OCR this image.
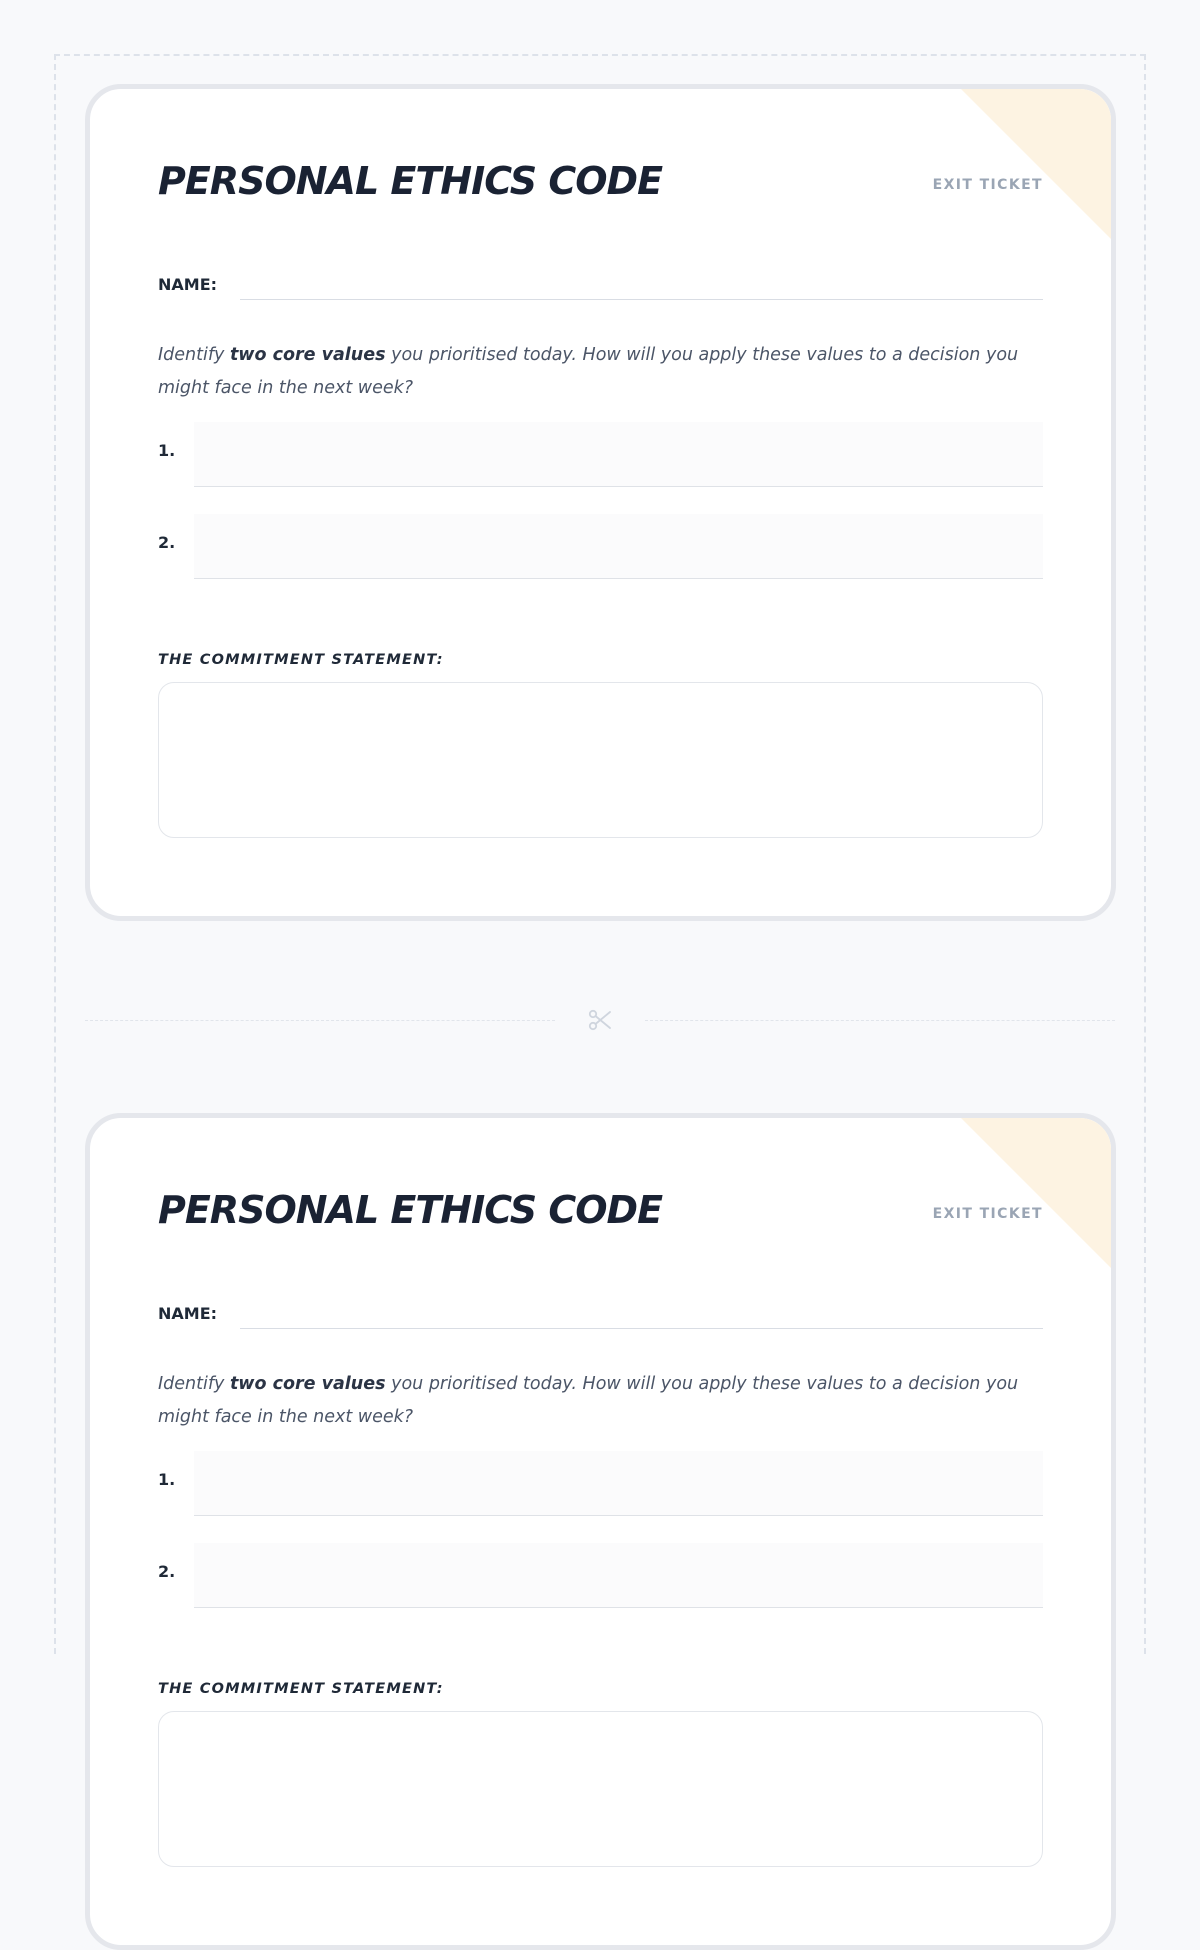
PERSONAL ETHICS CODE	EXIT TICKET
NAME:

Identify two core values you prioritised today. How will you apply these values to a decision you might face in the next week?

1.
2.
THE COMMITMENT STATEMENT:
PERSONAL ETHICS CODE	EXIT TICKET
NAME:

Identify two core values you prioritised today. How will you apply these values to a decision you might face in the next week?

1.
2.
THE COMMITMENT STATEMENT:
